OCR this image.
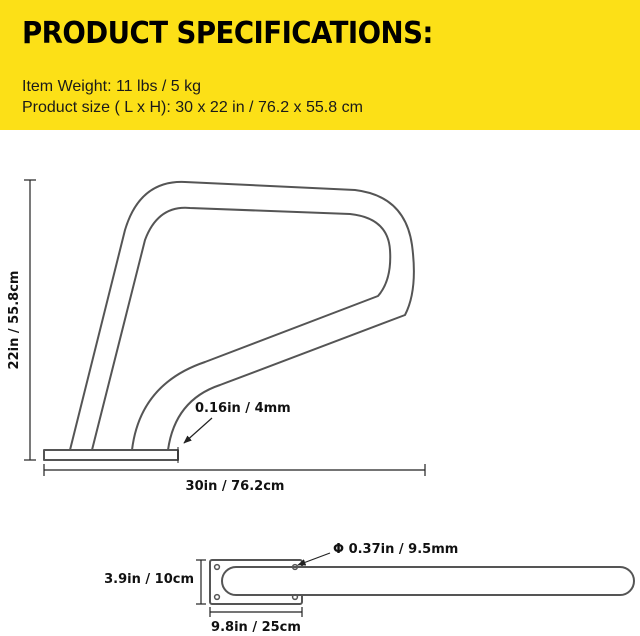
PRODUCT SPECIFICATIONS:
Item Weight: 11 lbs / 5 kg
Product size ( L x H): 30 x 22 in / 76.2 x 55.8 cm
22in / 55.8cm
30in / 76.2cm
0.16in / 4mm
Φ 0.37in / 9.5mm
3.9in / 10cm
9.8in / 25cm
